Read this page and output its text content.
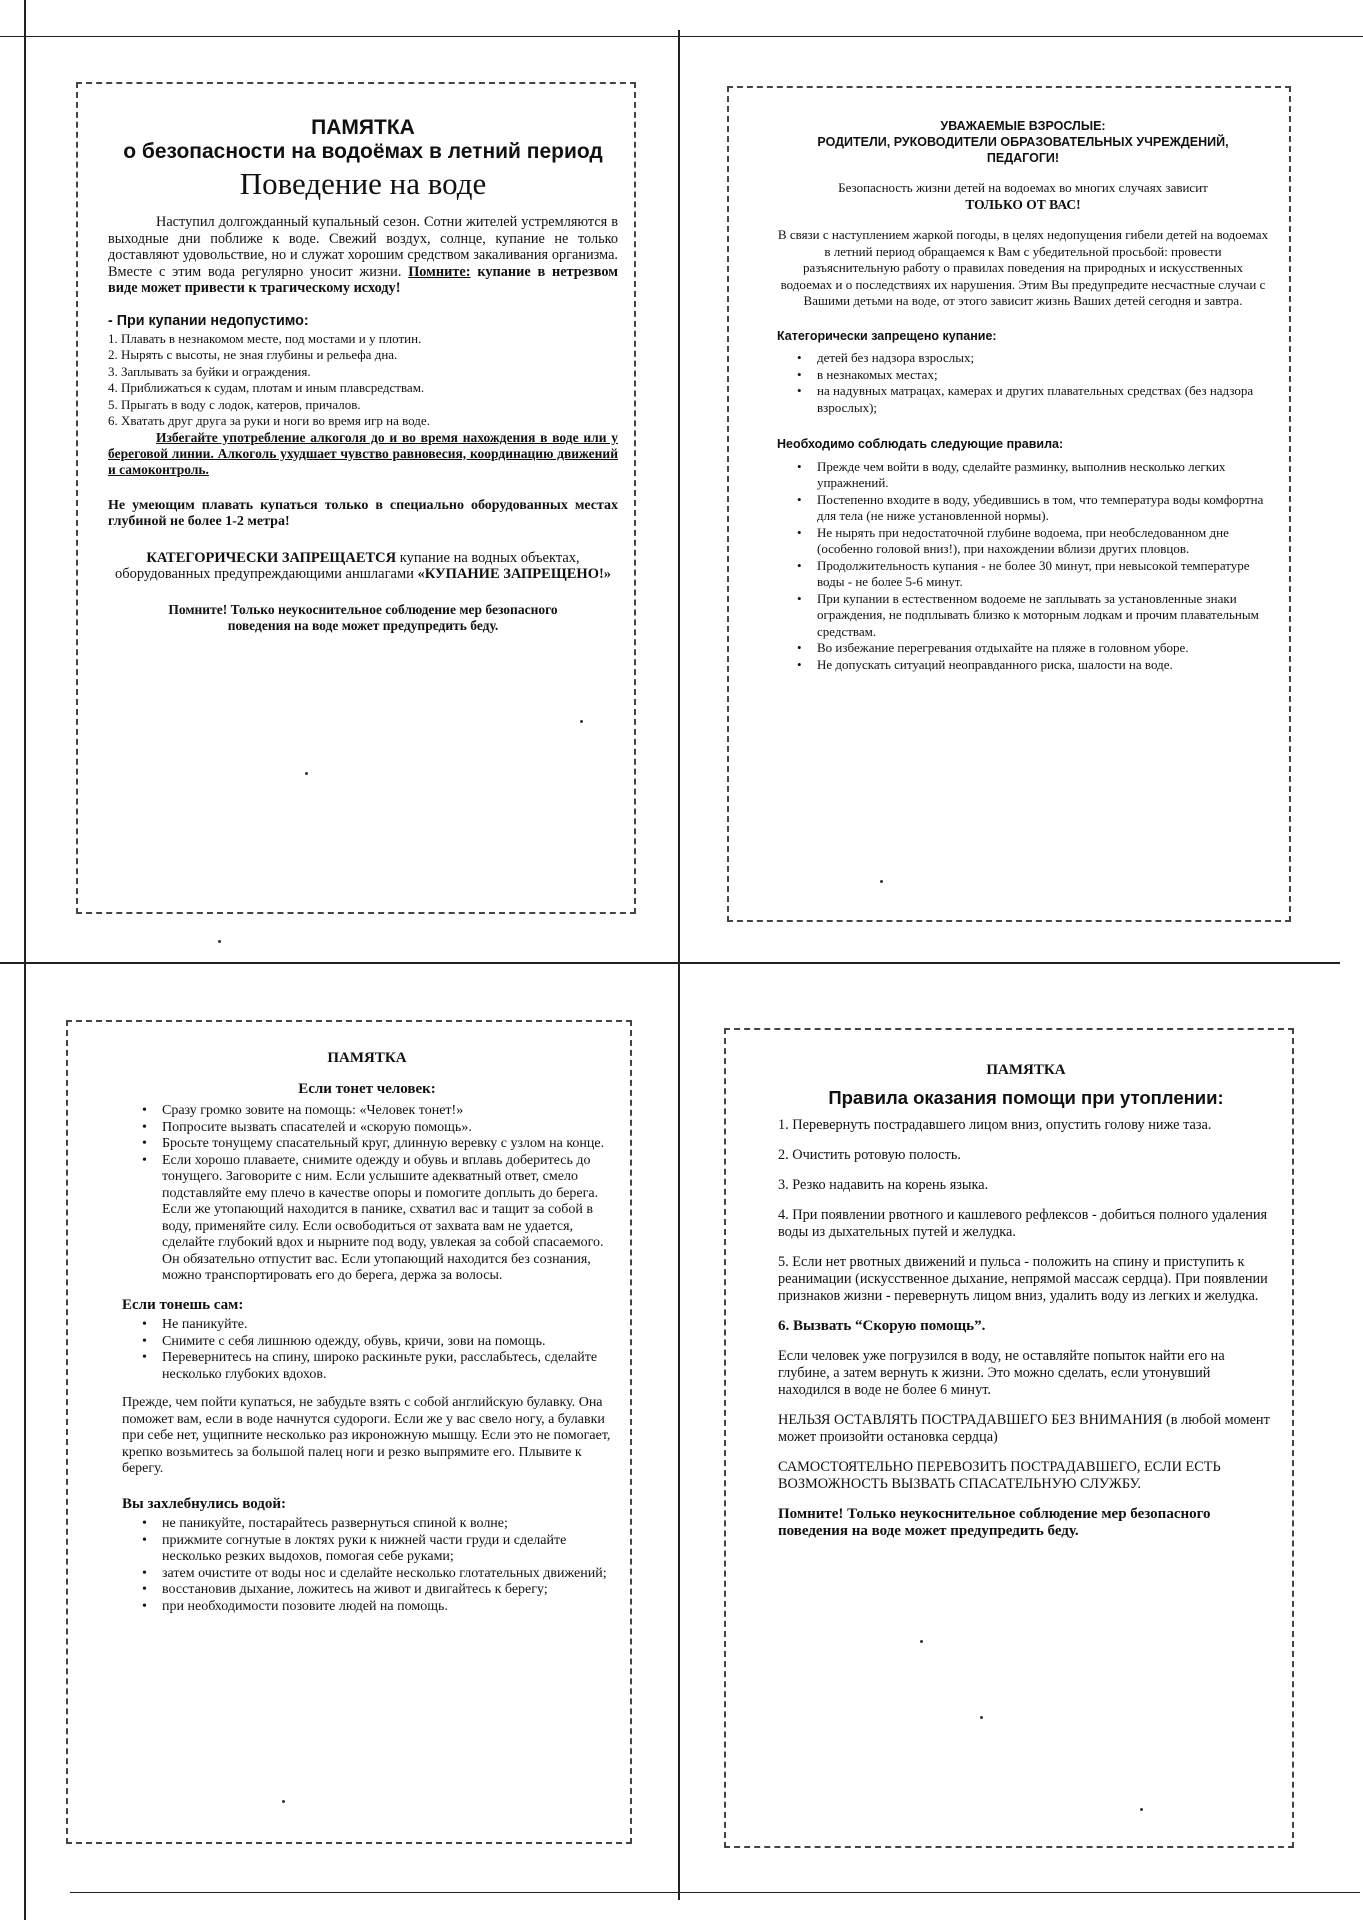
ПАМЯТКА

о безопасности на водоёмах в летний период

Поведение на воде

Наступил долгожданный купальный сезон. Сотни жителей устремляются в выходные дни поближе к воде. Свежий воздух, солнце, купание не только доставляют удовольствие, но и служат хорошим средством закаливания организма. Вместе с этим вода регулярно уносит жизни. Помните: купание в нетрезвом виде может привести к трагическому исходу!

- При купании недопустимо:

1. Плавать в незнакомом месте, под мостами и у плотин.
2. Нырять с высоты, не зная глубины и рельефа дна.
3. Заплывать за буйки и ограждения.
4. Приближаться к судам, плотам и иным плавсредствам.
5. Прыгать в воду с лодок, катеров, причалов.
6. Хватать друг друга за руки и ноги во время игр на воде.

Избегайте употребление алкоголя до и во время нахождения в воде или у береговой линии. Алкоголь ухудшает чувство равновесия, координацию движений и самоконтроль.

Не умеющим плавать купаться только в специально оборудованных местах глубиной не более 1-2 метра!

КАТЕГОРИЧЕСКИ ЗАПРЕЩАЕТСЯ купание на водных объектах, оборудованных предупреждающими аншлагами «КУПАНИЕ ЗАПРЕЩЕНО!»

Помните! Только неукоснительное соблюдение мер безопасного поведения на воде может предупредить беду.

УВАЖАЕМЫЕ ВЗРОСЛЫЕ:

РОДИТЕЛИ, РУКОВОДИТЕЛИ ОБРАЗОВАТЕЛЬНЫХ УЧРЕЖДЕНИЙ, ПЕДАГОГИ!

Безопасность жизни детей на водоемах во многих случаях зависит

ТОЛЬКО ОТ ВАС!

В связи с наступлением жаркой погоды, в целях недопущения гибели детей на водоемах в летний период обращаемся к Вам с убедительной просьбой: провести разъяснительную работу о правилах поведения на природных и искусственных водоемах и о последствиях их нарушения. Этим Вы предупредите несчастные случаи с Вашими детьми на воде, от этого зависит жизнь Ваших детей сегодня и завтра.

Категорически запрещено купание:

• детей без надзора взрослых;
• в незнакомых местах;
• на надувных матрацах, камерах и других плавательных средствах (без надзора взрослых);

Необходимо соблюдать следующие правила:

• Прежде чем войти в воду, сделайте разминку, выполнив несколько легких упражнений.
• Постепенно входите в воду, убедившись в том, что температура воды комфортна для тела (не ниже установленной нормы).
• Не нырять при недостаточной глубине водоема, при необследованном дне (особенно головой вниз!), при нахождении вблизи других пловцов.
• Продолжительность купания - не более 30 минут, при невысокой температуре воды - не более 5-6 минут.
• При купании в естественном водоеме не заплывать за установленные знаки ограждения, не подплывать близко к моторным лодкам и прочим плавательным средствам.
• Во избежание перегревания отдыхайте на пляже в головном уборе.
• Не допускать ситуаций неоправданного риска, шалости на воде.

ПАМЯТКА

Если тонет человек:

• Сразу громко зовите на помощь: «Человек тонет!»
• Попросите вызвать спасателей и «скорую помощь».
• Бросьте тонущему спасательный круг, длинную веревку с узлом на конце.
• Если хорошо плаваете, снимите одежду и обувь и вплавь доберитесь до тонущего. Заговорите с ним. Если услышите адекватный ответ, смело подставляйте ему плечо в качестве опоры и помогите доплыть до берега. Если же утопающий находится в панике, схватил вас и тащит за собой в воду, применяйте силу. Если освободиться от захвата вам не удается, сделайте глубокий вдох и нырните под воду, увлекая за собой спасаемого. Он обязательно отпустит вас. Если утопающий находится без сознания, можно транспортировать его до берега, держа за волосы.

Если тонешь сам:

• Не паникуйте.
• Снимите с себя лишнюю одежду, обувь, кричи, зови на помощь.
• Перевернитесь на спину, широко раскиньте руки, расслабьтесь, сделайте несколько глубоких вдохов.

Прежде, чем пойти купаться, не забудьте взять с собой английскую булавку. Она поможет вам, если в воде начнутся судороги. Если же у вас свело ногу, а булавки при себе нет, ущипните несколько раз икроножную мышцу. Если это не помогает, крепко возьмитесь за большой палец ноги и резко выпрямите его. Плывите к берегу.

Вы захлебнулись водой:

• не паникуйте, постарайтесь развернуться спиной к волне;
• прижмите согнутые в локтях руки к нижней части груди и сделайте несколько резких выдохов, помогая себе руками;
• затем очистите от воды нос и сделайте несколько глотательных движений;
• восстановив дыхание, ложитесь на живот и двигайтесь к берегу;
• при необходимости позовите людей на помощь.

ПАМЯТКА

Правила оказания помощи при утоплении:

1. Перевернуть пострадавшего лицом вниз, опустить голову ниже таза.

2. Очистить ротовую полость.

3. Резко надавить на корень языка.

4. При появлении рвотного и кашлевого рефлексов - добиться полного удаления воды из дыхательных путей и желудка.

5. Если нет рвотных движений и пульса - положить на спину и приступить к реанимации (искусственное дыхание, непрямой массаж сердца). При появлении признаков жизни - перевернуть лицом вниз, удалить воду из легких и желудка.

6. Вызвать “Скорую помощь”.

Если человек уже погрузился в воду, не оставляйте попыток найти его на глубине, а затем вернуть к жизни. Это можно сделать, если утонувший находился в воде не более 6 минут.

НЕЛЬЗЯ ОСТАВЛЯТЬ ПОСТРАДАВШЕГО БЕЗ ВНИМАНИЯ (в любой момент может произойти остановка сердца)

САМОСТОЯТЕЛЬНО ПЕРЕВОЗИТЬ ПОСТРАДАВШЕГО, ЕСЛИ ЕСТЬ ВОЗМОЖНОСТЬ ВЫЗВАТЬ СПАСАТЕЛЬНУЮ СЛУЖБУ.

Помните! Только неукоснительное соблюдение мер безопасного поведения на воде может предупредить беду.
